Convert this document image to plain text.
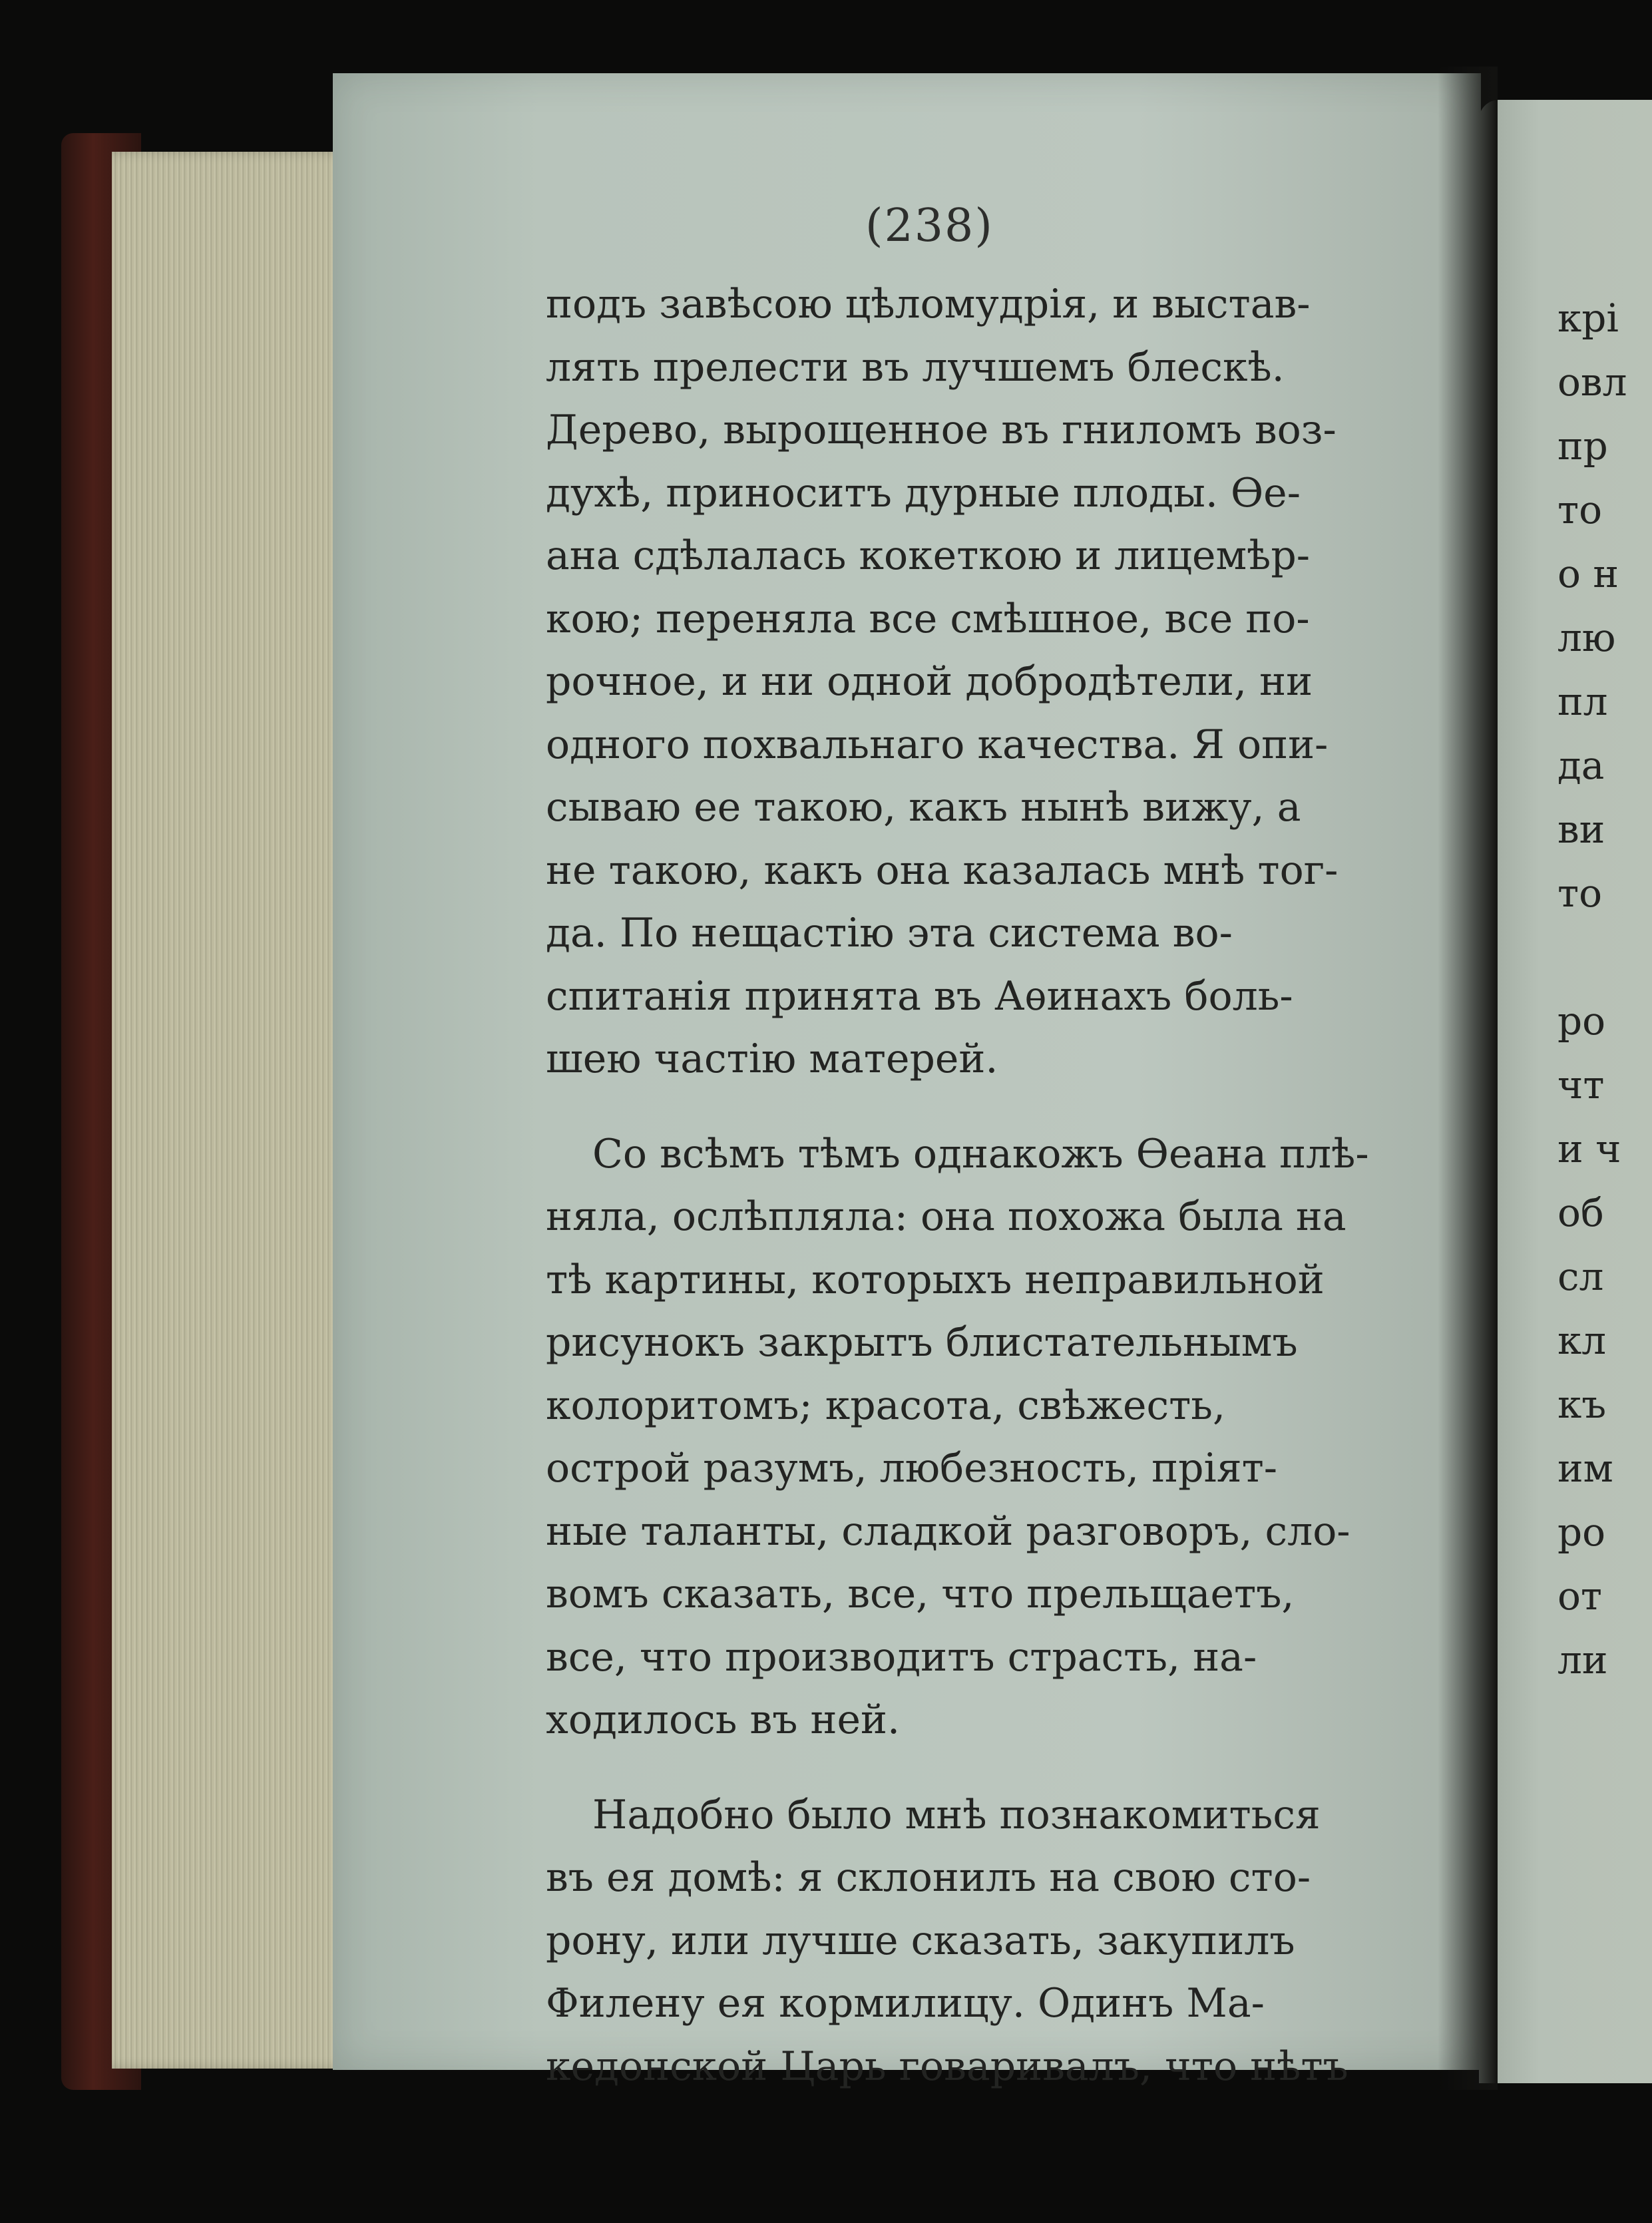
(238)
подъ завѣсою цѣломудрія, и выстав-
лять прелести въ лучшемъ блескѣ.
Дерево, вырощенное въ гниломъ воз-
духѣ, приноситъ дурные плоды. Ѳе-
ана сдѣлалась кокеткою и лицемѣр-
кою; переняла все смѣшное, все по-
рочное, и ни одной добродѣтели, ни
одного похвальнаго качества. Я опи-
сываю ее такою, какъ нынѣ вижу, а
не такою, какъ она казалась мнѣ тог-
да. По нещастію эта система во-
спитанія принята въ Аѳинахъ боль-
шею частію матерей.
Со всѣмъ тѣмъ однакожъ Ѳеана плѣ-
няла, ослѣпляла: она похожа была на
тѣ картины, которыхъ неправильной
рисунокъ закрытъ блистательнымъ
колоритомъ; красота, свѣжесть,
острой разумъ, любезность, пріят-
ные таланты, сладкой разговоръ, сло-
вомъ сказать, все, что прельщаетъ,
все, что производитъ страсть, на-
ходилось въ ней.
Надобно было мнѣ познакомиться
въ ея домѣ: я склонилъ на свою сто-
рону, или лучше сказать, закупилъ
Филену ея кормилицу. Одинъ Ма-
кедонской Царь говаривалъ, что нѣтъ
крі
овл
пр
то
о н
лю
пл
да
ви
то
ро
чт
и ч
об
сл
кл
къ
им
ро
от
ли
